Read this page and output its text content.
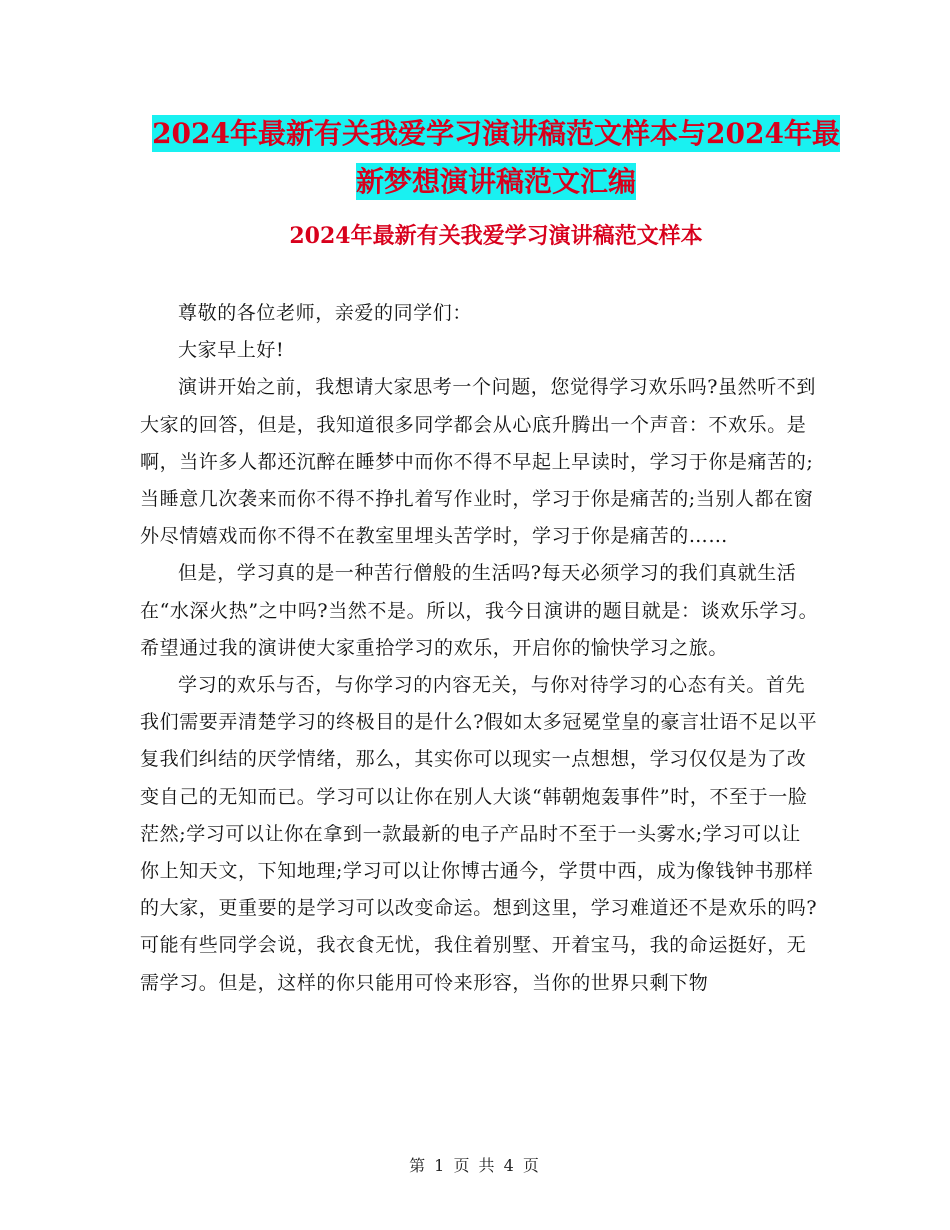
2024年最新有关我爱学习演讲稿范文样本与2024年最
新梦想演讲稿范文汇编
2024年最新有关我爱学习演讲稿范文样本

尊敬的各位老师，亲爱的同学们：

大家早上好!

演讲开始之前，我想请大家思考一个问题，您觉得学习欢乐吗?虽然听不到大家的回答，但是，我知道很多同学都会从心底升腾出一个声音：不欢乐。是啊，当许多人都还沉醉在睡梦中而你不得不早起上早读时，学习于你是痛苦的;当睡意几次袭来而你不得不挣扎着写作业时，学习于你是痛苦的;当别人都在窗外尽情嬉戏而你不得不在教室里埋头苦学时，学习于你是痛苦的……

但是，学习真的是一种苦行僧般的生活吗?每天必须学习的我们真就生活在“水深火热”之中吗?当然不是。所以，我今日演讲的题目就是：谈欢乐学习。希望通过我的演讲使大家重拾学习的欢乐，开启你的愉快学习之旅。

学习的欢乐与否，与你学习的内容无关，与你对待学习的心态有关。首先我们需要弄清楚学习的终极目的是什么?假如太多冠冕堂皇的豪言壮语不足以平复我们纠结的厌学情绪，那么，其实你可以现实一点想想，学习仅仅是为了改变自己的无知而已。学习可以让你在别人大谈“韩朝炮轰事件”时，不至于一脸茫然;学习可以让你在拿到一款最新的电子产品时不至于一头雾水;学习可以让你上知天文，下知地理;学习可以让你博古通今，学贯中西，成为像钱钟书那样的大家，更重要的是学习可以改变命运。想到这里，学习难道还不是欢乐的吗?可能有些同学会说，我衣食无忧，我住着别墅、开着宝马，我的命运挺好，无需学习。但是，这样的你只能用可怜来形容，当你的世界只剩下物

第 1 页 共 4 页
